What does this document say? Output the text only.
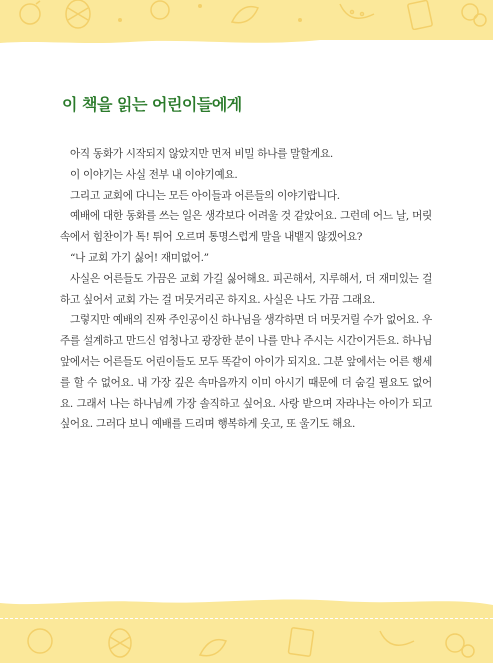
이 책을 읽는 어린이들에게

아직 동화가 시작되지 않았지만 먼저 비밀 하나를 말할게요.

이 이야기는 사실 전부 내 이야기예요.

그리고 교회에 다니는 모든 아이들과 어른들의 이야기랍니다.

예배에 대한 동화를 쓰는 일은 생각보다 어려울 것 같았어요. 그런데 어느 날, 머릿속에서 힘찬이가 톡! 튀어 오르며 통명스럽게 말을 내뱉지 않겠어요?

“나 교회 가기 싫어! 재미없어.”

사실은 어른들도 가끔은 교회 가길 싫어해요. 피곤해서, 지루해서, 더 재미있는 걸 하고 싶어서 교회 가는 걸 머뭇거리곤 하지요. 사실은 나도 가끔 그래요.

그렇지만 예배의 진짜 주인공이신 하나님을 생각하면 더 머뭇거릴 수가 없어요. 우주를 설계하고 만드신 엄청나고 광장한 분이 나를 만나 주시는 시간이거든요. 하나님 앞에서는 어른들도 어린이들도 모두 똑같이 아이가 되지요. 그분 앞에서는 어른 행세를 할 수 없어요. 내 가장 깊은 속마음까지 이미 아시기 때문에 더 숨길 필요도 없어요. 그래서 나는 하나님께 가장 솔직하고 싶어요. 사랑 받으며 자라나는 아이가 되고 싶어요. 그러다 보니 예배를 드리며 행복하게 웃고, 또 울기도 해요.
